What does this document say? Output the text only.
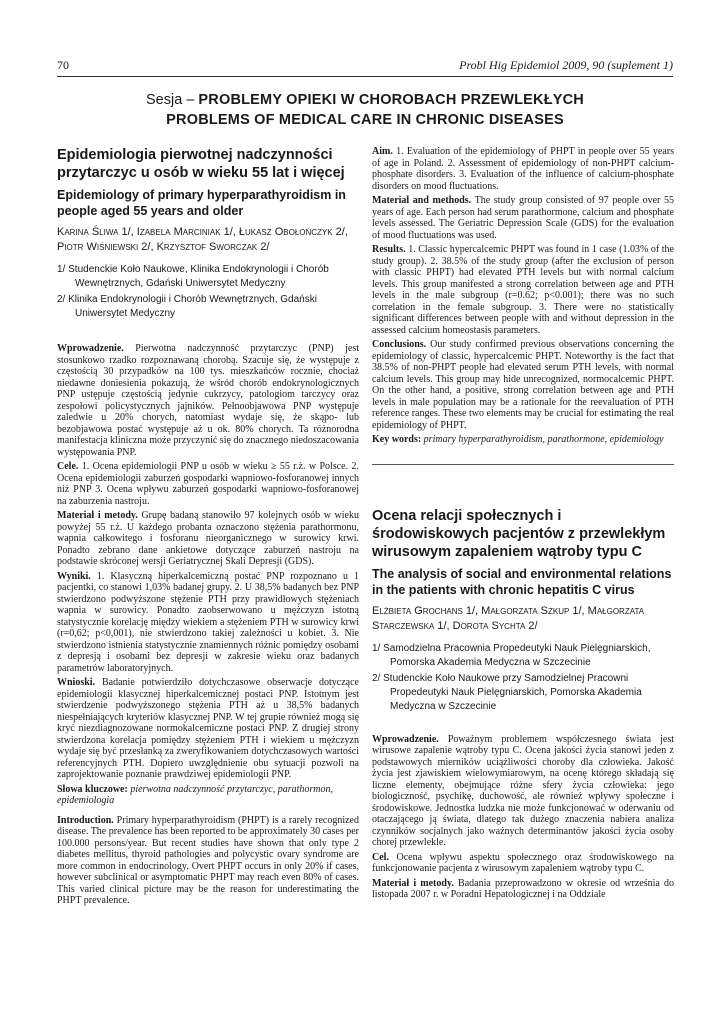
70	Probl Hig Epidemiol 2009, 90 (suplement 1)
Sesja – PROBLEMY OPIEKI W CHOROBACH PRZEWLEKŁYCH
PROBLEMS OF MEDICAL CARE IN CHRONIC DISEASES
Epidemiologia pierwotnej nadczynności przytarczyc u osób w wieku 55 lat i więcej
Epidemiology of primary hyperparathyroidism in people aged 55 years and older
Karina Śliwa 1/, Izabela Marciniak 1/, Łukasz Obołończyk 2/, Piotr Wiśniewski 2/, Krzysztof Sworczak 2/
1/ Studenckie Koło Naukowe, Klinika Endokrynologii i Chorób Wewnętrznych, Gdański Uniwersytet Medyczny
2/ Klinika Endokrynologii i Chorób Wewnętrznych, Gdański Uniwersytet Medyczny

Wprowadzenie. Pierwotna nadczynność przytarczyc (PNP) jest stosunkowo rzadko rozpoznawaną chorobą. Szacuje się, że występuje z częstością 30 przypadków na 100 tys. mieszkańców rocznie, chociaż niedawne doniesienia pokazują, że wśród chorób endokrynologicznych PNP ustępuje częstością jedynie cukrzycy, patologiom tarczycy oraz zespołowi policystycznych jajników. Pełnoobjawowa PNP występuje zaledwie u 20% chorych, natomiast wydaje się, że skąpo- lub bezobjawowa postać występuje aż u ok. 80% chorych. Ta różnorodna manifestacja kliniczna może przyczynić się do znacznego niedoszacowania występowania PNP.

Cele. 1. Ocena epidemiologii PNP u osób w wieku ≥ 55 r.ż. w Polsce. 2. Ocena epidemiologii zaburzeń gospodarki wapniowo-fosforanowej innych niż PNP 3. Ocena wpływu zaburzeń gospodarki wapniowo-fosforanowej na zaburzenia nastroju.

Materiał i metody. Grupę badaną stanowiło 97 kolejnych osób w wieku powyżej 55 r.ż. U każdego probanta oznaczono stężenia parathormonu, wapnia całkowitego i fosforanu nieorganicznego w surowicy krwi. Ponadto zebrano dane ankietowe dotyczące zaburzeń nastroju na podstawie skróconej wersji Geriatrycznej Skali Depresji (GDS).

Wyniki. 1. Klasyczną hiperkalcemiczną postać PNP rozpoznano u 1 pacjentki, co stanowi 1,03% badanej grupy. 2. U 38,5% badanych bez PNP stwierdzono podwyższone stężenie PTH przy prawidłowych stężeniach wapnia w surowicy. Ponadto zaobserwowano u mężczyzn istotną statystycznie korelację między wiekiem a stężeniem PTH w surowicy krwi (r=0,62; p<0,001), nie stwierdzono takiej zależności u kobiet. 3. Nie stwierdzono istnienia statystycznie znamiennych różnic pomiędzy osobami z depresją i osobami bez depresji w zakresie wieku oraz badanych parametrów laboratoryjnych.

Wnioski. Badanie potwierdziło dotychczasowe obserwacje dotyczące epidemiologii klasycznej hiperkalcemicznej postaci PNP. Istotnym jest stwierdzenie podwyższonego stężenia PTH aż u 38,5% badanych niespełniających kryteriów klasycznej PNP. W tej grupie również mogą się kryć niezdiagnozowane normokalcemiczne postaci PNP. Z drugiej strony stwierdzona korelacja pomiędzy stężeniem PTH i wiekiem u mężczyzn wydaje się być przesłanką za zweryfikowaniem dotychczasowych wartości referencyjnych PTH. Dopiero uwzględnienie obu sytuacji pozwoli na zaprojektowanie poznanie prawdziwej epidemiologii PNP.

Słowa kluczowe: pierwotna nadczynność przytarczyc, parathormon, epidemiologia

Introduction. Primary hyperparathyroidism (PHPT) is a rarely recognized disease. The prevalence has been reported to be approximately 30 cases per 100.000 persons/year. But recent studies have shown that only type 2 diabetes mellitus, thyroid pathologies and polycystic ovary syndrome are more common in endocrinology. Overt PHPT occurs in only 20% if cases, however subclinical or asymptomatic PHPT may reach even 80% of cases. This varied clinical picture may be the reason for underestimating the PHPT prevalence.

Aim. 1. Evaluation of the epidemiology of PHPT in people over 55 years of age in Poland. 2. Assessment of epidemiology of non-PHPT calcium-phosphate disorders. 3. Evaluation of the influence of calcium-phosphate disorders on mood fluctuations.

Material and methods. The study group consisted of 97 people over 55 years of age. Each person had serum parathormone, calcium and phosphate levels assessed. The Geriatric Depression Scale (GDS) for the evaluation of mood fluctuations was used.

Results. 1. Classic hypercalcemic PHPT was found in 1 case (1.03% of the study group). 2. 38.5% of the study group (after the exclusion of person with classic PHPT) had elevated PTH levels but with normal calcium levels. This group manifested a strong correlation between age and PTH levels in the male subgroup (r=0.62; p<0.001); there was no such correlation in the female subgroup. 3. There were no statistically significant differences between people with and without depression in the assessed calcium homeostasis parameters.

Conclusions. Our study confirmed previous observations concerning the epidemiology of classic, hypercalcemic PHPT. Noteworthy is the fact that 38.5% of non-PHPT people had elevated serum PTH levels, with normal calcium levels. This group may hide unrecognized, normocalcemic PHPT. On the other hand, a positive, strong correlation between age and PTH levels in male population may be a rationale for the reevaluation of PTH reference ranges. These two elements may be crucial for estimating the real epidemiology of PHPT.

Key words: primary hyperparathyroidism, parathormone, epidemiology

Ocena relacji społecznych i środowiskowych pacjentów z przewlekłym wirusowym zapaleniem wątroby typu C
The analysis of social and environmental relations in the patients with chronic hepatitis C virus
Elżbieta Grochans 1/, Małgorzata Szkup 1/, Małgorzata Starczewska 1/, Dorota Sychta 2/
1/ Samodzielna Pracownia Propedeutyki Nauk Pielęgniarskich, Pomorska Akademia Medyczna w Szczecinie
2/ Studenckie Koło Naukowe przy Samodzielnej Pracowni Propedeutyki Nauk Pielęgniarskich, Pomorska Akademia Medyczna w Szczecinie

Wprowadzenie. Poważnym problemem współczesnego świata jest wirusowe zapalenie wątroby typu C. Ocena jakości życia stanowi jeden z podstawowych mierników uciążliwości choroby dla człowieka. Jakość życia jest zjawiskiem wielowymiarowym, na ocenę którego składają się liczne elementy, obejmujące różne sfery życia człowieka: jego biologiczność, psychikę, duchowość, ale również wpływy społeczne i środowiskowe. Jednostka ludzka nie może funkcjonować w oderwaniu od otaczającego ją świata, dlatego tak dużego znaczenia nabiera analiza czynników socjalnych jako ważnych determinantów jakości życia osoby chorej przewlekle.

Cel. Ocena wpływu aspektu społecznego oraz środowiskowego na funkcjonowanie pacjenta z wirusowym zapaleniem wątroby typu C.

Materiał i metody. Badania przeprowadzono w okresie od września do listopada 2007 r. w Poradni Hepatologicznej i na Oddziale
